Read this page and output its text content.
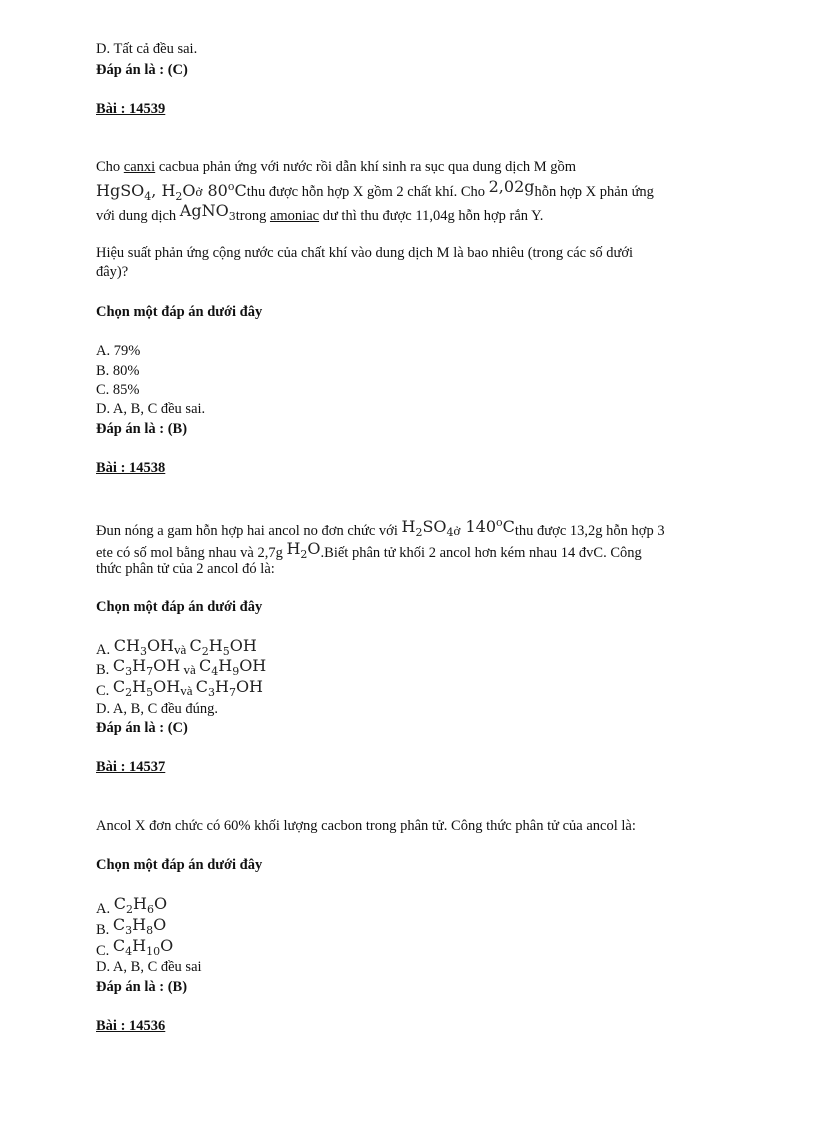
D. Tất cả đều sai.
Đáp án là : (C)
Bài : 14539
Cho canxi cacbua phản ứng với nước rồi dẫn khí sinh ra sục qua dung dịch M gồm
HgSO$_4$, $H_2Oở$ 80$^o$Cthu được hỗn hợp X gồm 2 chất khí. Cho 2,02ghỗn hợp X phản ứng
với dung dịch AgNO$_3$trong amoniac dư thì thu được 11,04g hỗn hợp rắn Y.
Hiệu suất phản ứng cộng nước của chất khí vào dung dịch M là bao nhiêu (trong các số dưới
đây)?
Chọn một đáp án dưới đây
A. 79%
B. 80%
C. 85%
D. A, B, C đều sai.
Đáp án là : (B)
Bài : 14538
Đun nóng a gam hỗn hợp hai ancol no đơn chức với $H_2SO_4ở$ 140$^o$Cthu được 13,2g hỗn hợp 3
ete có số mol bằng nhau và 2,7g $H_2O.Biết$ phân tử khối 2 ancol hơn kém nhau 14 đvC. Công
thức phân tử của 2 ancol đó là:
Chọn một đáp án dưới đây
A. $CH_3OHvà$ $C_2H_5OH$
B. $C_3H_7OH$ và $C_4H_9OH$
C. $C_2H_5OHvà$ $C_3H_7OH$
D. A, B, C đều đúng.
Đáp án là : (C)
Bài : 14537
Ancol X đơn chức có 60% khối lượng cacbon trong phân tử. Công thức phân tử của ancol là:
Chọn một đáp án dưới đây
A. $C_2H_6O$
B. $C_3H_8O$
C. $C_4H_{10}O$
D. A, B, C đều sai
Đáp án là : (B)
Bài : 14536
